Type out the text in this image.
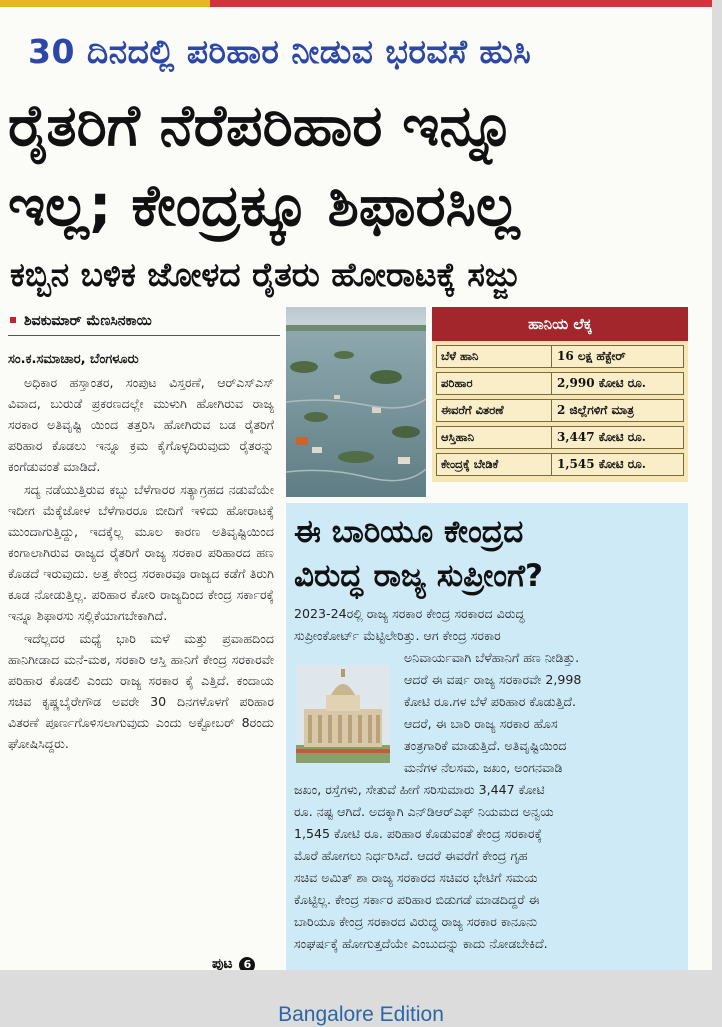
30 ದಿನದಲ್ಲಿ ಪರಿಹಾರ ನೀಡುವ ಭರವಸೆ ಹುಸಿ
ರೈತರಿಗೆ ನೆರೆಪರಿಹಾರ ಇನ್ನೂ
ಇಲ್ಲ; ಕೇಂದ್ರಕ್ಕೂ ಶಿಫಾರಸಿಲ್ಲ
ಕಬ್ಬಿನ ಬಳಿಕ ಜೋಳದ ರೈತರು ಹೋರಾಟಕ್ಕೆ ಸಜ್ಜು
ಶಿವಕುಮಾರ್ ಮೆಣಸಿನಕಾಯಿ
ಸಂ.ಕ.ಸಮಾಚಾರ, ಬೆಂಗಳೂರು

ಅಧಿಕಾರ ಹಸ್ತಾಂತರ, ಸಂಪುಟ ವಿಸ್ತರಣೆ, ಆರ್‌ಎಸ್‌ಎಸ್ ವಿವಾದ, ಬುರುಡೆ ಪ್ರಕರಣದಲ್ಲೇ ಮುಳುಗಿ ಹೋಗಿರುವ ರಾಜ್ಯ ಸರಕಾರ ಅತಿವೃಷ್ಟಿ ಯಿಂದ ತತ್ತರಿಸಿ ಹೋಗಿರುವ ಬಡ ರೈತರಿಗೆ ಪರಿಹಾರ ಕೊಡಲು ಇನ್ನೂ ಕ್ರಮ ಕೈಗೊಳ್ಳದಿರುವುದು ರೈತರನ್ನು ಕಂಗೆಡುವಂತೆ ಮಾಡಿದೆ.

ಸದ್ಯ ನಡೆಯುತ್ತಿರುವ ಕಬ್ಬು ಬೆಳೆಗಾರರ ಸತ್ಯಾಗ್ರಹದ ನಡುವೆಯೇ ಇದೀಗ ಮೆಕ್ಕೆಜೋಳ ಬೆಳೆಗಾರರೂ ಬೀದಿಗೆ ಇಳಿದು ಹೋರಾಟಕ್ಕೆ ಮುಂದಾಗುತ್ತಿದ್ದು, ಇದಕ್ಕೆಲ್ಲ ಮೂಲ ಕಾರಣ ಅತಿವೃಷ್ಟಿಯಿಂದ ಕಂಗಾಲಾಗಿರುವ ರಾಜ್ಯದ ರೈತರಿಗೆ ರಾಜ್ಯ ಸರಕಾರ ಪರಿಹಾರದ ಹಣ ಕೊಡದೆ ಇರುವುದು. ಅತ್ತ ಕೇಂದ್ರ ಸರಕಾರವೂ ರಾಜ್ಯದ ಕಡೆಗೆ ತಿರುಗಿ ಕೂಡ ನೋಡುತ್ತಿಲ್ಲ. ಪರಿಹಾರ ಕೋರಿ ರಾಜ್ಯದಿಂದ ಕೇಂದ್ರ ಸರ್ಕಾರಕ್ಕೆ ಇನ್ನೂ ಶಿಫಾರಸು ಸಲ್ಲಿಕೆಯಾಗಬೇಕಾಗಿದೆ.

ಇದೆಲ್ಲದರ ಮಧ್ಯೆ ಭಾರಿ ಮಳೆ ಮತ್ತು ಪ್ರವಾಹದಿಂದ ಹಾನಿಗೀಡಾದ ಮನೆ-ಮಠ, ಸರಕಾರಿ ಆಸ್ತಿ ಹಾನಿಗೆ ಕೇಂದ್ರ ಸರಕಾರವೇ ಪರಿಹಾರ ಕೊಡಲಿ ಎಂದು ರಾಜ್ಯ ಸರಕಾರ ಕೈ ಎತ್ತಿದೆ. ಕಂದಾಯ ಸಚಿವ ಕೃಷ್ಣಬೈರೇಗೌಡ ಅವರೇ 30 ದಿನಗಳೊಳಗೆ ಪರಿಹಾರ ವಿತರಣೆ ಪೂರ್ಣಗೊಳಿಸಲಾಗುವುದು ಎಂದು ಅಕ್ಟೋಬರ್ 8ರಂದು ಘೋಷಿಸಿದ್ದರು.

ಪುಟ 6
ಹಾನಿಯ ಲೆಕ್ಕ
ಬೆಳೆ ಹಾನಿ	16 ಲಕ್ಷ ಹೆಕ್ಟೇರ್
ಪರಿಹಾರ	2,990 ಕೋಟಿ ರೂ.
ಈವರೆಗೆ ವಿತರಣೆ	2 ಜಿಲ್ಲೆಗಳಿಗೆ ಮಾತ್ರ
ಆಸ್ತಿಹಾನಿ	3,447 ಕೋಟಿ ರೂ.
ಕೇಂದ್ರಕ್ಕೆ ಬೇಡಿಕೆ	1,545 ಕೋಟಿ ರೂ.
ಈ ಬಾರಿಯೂ ಕೇಂದ್ರದ
ವಿರುದ್ಧ ರಾಜ್ಯ ಸುಪ್ರೀಂಗೆ?
2023-24ರಲ್ಲಿ ರಾಜ್ಯ ಸರಕಾರ ಕೇಂದ್ರ ಸರಕಾರದ ವಿರುದ್ಧ
ಸುಪ್ರೀಂಕೋರ್ಟ್ ಮೆಟ್ಟಿಲೇರಿತ್ತು. ಆಗ ಕೇಂದ್ರ ಸರಕಾರ
ಅನಿವಾರ್ಯವಾಗಿ ಬೆಳೆಹಾನಿಗೆ ಹಣ ನೀಡಿತ್ತು.
ಆದರೆ ಈ ವರ್ಷ ರಾಜ್ಯ ಸರಕಾರವೇ 2,998
ಕೋಟಿ ರೂ.ಗಳ ಬೆಳೆ ಪರಿಹಾರ ಕೊಡುತ್ತಿದೆ.
ಆದರೆ, ಈ ಬಾರಿ ರಾಜ್ಯ ಸರಕಾರ ಹೊಸ
ತಂತ್ರಗಾರಿಕೆ ಮಾಡುತ್ತಿದೆ. ಅತಿವೃಷ್ಟಿಯಿಂದ
ಮನೆಗಳ ನೆಲಸಮ, ಜಖಂ, ಅಂಗನವಾಡಿ
ಜಖಂ, ರಸ್ತೆಗಳು, ಸೇತುವೆ ಹೀಗೆ ಸರಿಸುಮಾರು 3,447 ಕೋಟಿ
ರೂ. ನಷ್ಟ ಆಗಿದೆ. ಅದಕ್ಕಾಗಿ ಎನ್‌ಡಿಆರ್‌ಎಫ್ ನಿಯಮದ ಅನ್ವಯ
1,545 ಕೋಟಿ ರೂ. ಪರಿಹಾರ ಕೊಡುವಂತೆ ಕೇಂದ್ರ ಸರಕಾರಕ್ಕೆ
ಮೊರೆ ಹೋಗಲು ನಿರ್ಧರಿಸಿದೆ. ಆದರೆ ಈವರೆಗೆ ಕೇಂದ್ರ ಗೃಹ
ಸಚಿವ ಅಮಿತ್ ಶಾ ರಾಜ್ಯ ಸರಕಾರದ ಸಚಿವರ ಭೇಟಿಗೆ ಸಮಯ
ಕೊಟ್ಟಿಲ್ಲ. ಕೇಂದ್ರ ಸರ್ಕಾರ ಪರಿಹಾರ ಬಿಡುಗಡೆ ಮಾಡದಿದ್ದರೆ ಈ
ಬಾರಿಯೂ ಕೇಂದ್ರ ಸರಕಾರದ ವಿರುದ್ಧ ರಾಜ್ಯ ಸರಕಾರ ಕಾನೂನು
ಸಂಘರ್ಷಕ್ಕೆ ಹೋಗುತ್ತದೆಯೇ ಎಂಬುದನ್ನು ಕಾದು ನೋಡಬೇಕಿದೆ.
Bangalore Edition
